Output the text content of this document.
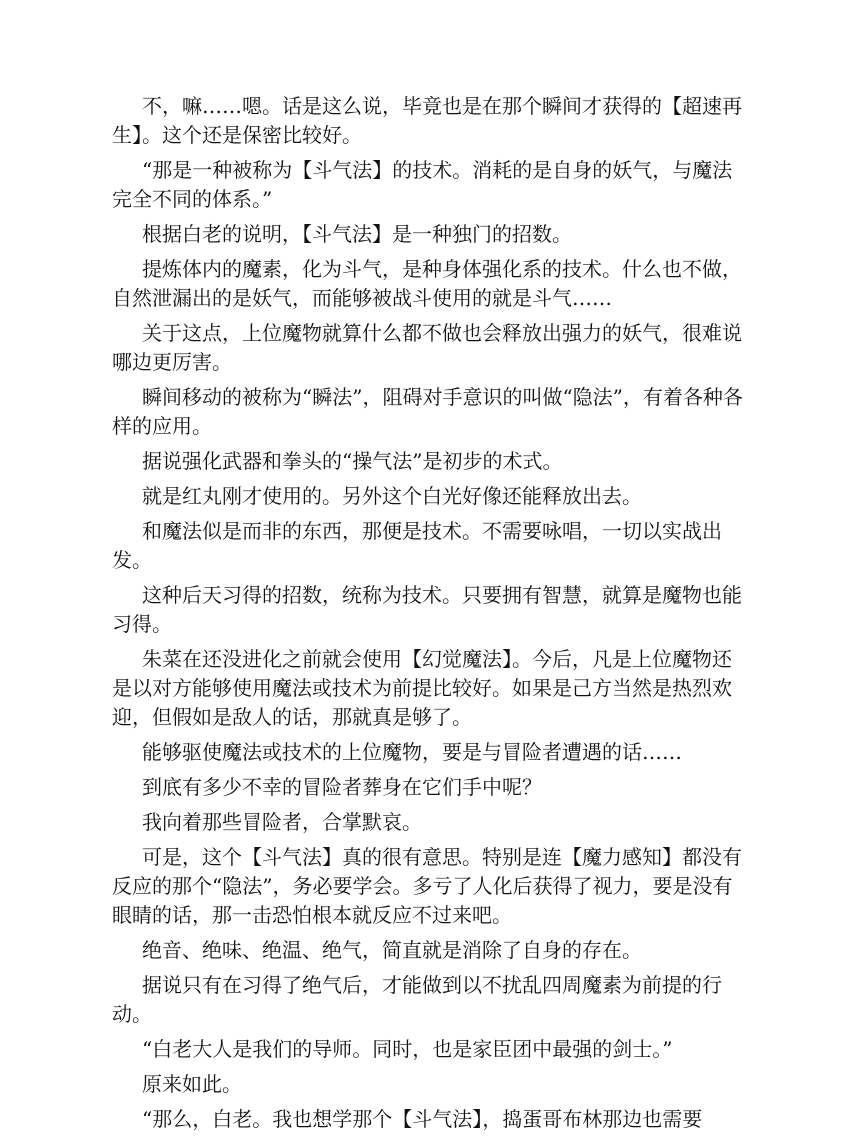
不，嘛……嗯。话是这么说，毕竟也是在那个瞬间才获得的【超速再生】。这个还是保密比较好。

“那是一种被称为【斗气法】的技术。消耗的是自身的妖气，与魔法完全不同的体系。”

根据白老的说明，【斗气法】是一种独门的招数。

提炼体内的魔素，化为斗气，是种身体强化系的技术。什么也不做，自然泄漏出的是妖气，而能够被战斗使用的就是斗气……

关于这点，上位魔物就算什么都不做也会释放出强力的妖气，很难说哪边更厉害。

瞬间移动的被称为“瞬法”，阻碍对手意识的叫做“隐法”，有着各种各样的应用。

据说强化武器和拳头的“操气法”是初步的术式。

就是红丸刚才使用的。另外这个白光好像还能释放出去。

和魔法似是而非的东西，那便是技术。不需要咏唱，一切以实战出发。

这种后天习得的招数，统称为技术。只要拥有智慧，就算是魔物也能习得。

朱菜在还没进化之前就会使用【幻觉魔法】。今后，凡是上位魔物还是以对方能够使用魔法或技术为前提比较好。如果是己方当然是热烈欢迎，但假如是敌人的话，那就真是够了。

能够驱使魔法或技术的上位魔物，要是与冒险者遭遇的话……

到底有多少不幸的冒险者葬身在它们手中呢？

我向着那些冒险者，合掌默哀。

可是，这个【斗气法】真的很有意思。特别是连【魔力感知】都没有反应的那个“隐法”，务必要学会。多亏了人化后获得了视力，要是没有眼睛的话，那一击恐怕根本就反应不过来吧。

绝音、绝味、绝温、绝气，简直就是消除了自身的存在。

据说只有在习得了绝气后，才能做到以不扰乱四周魔素为前提的行动。

“白老大人是我们的导师。同时，也是家臣团中最强的剑士。”

原来如此。

“那么，白老。我也想学那个【斗气法】，捣蛋哥布林那边也需要
